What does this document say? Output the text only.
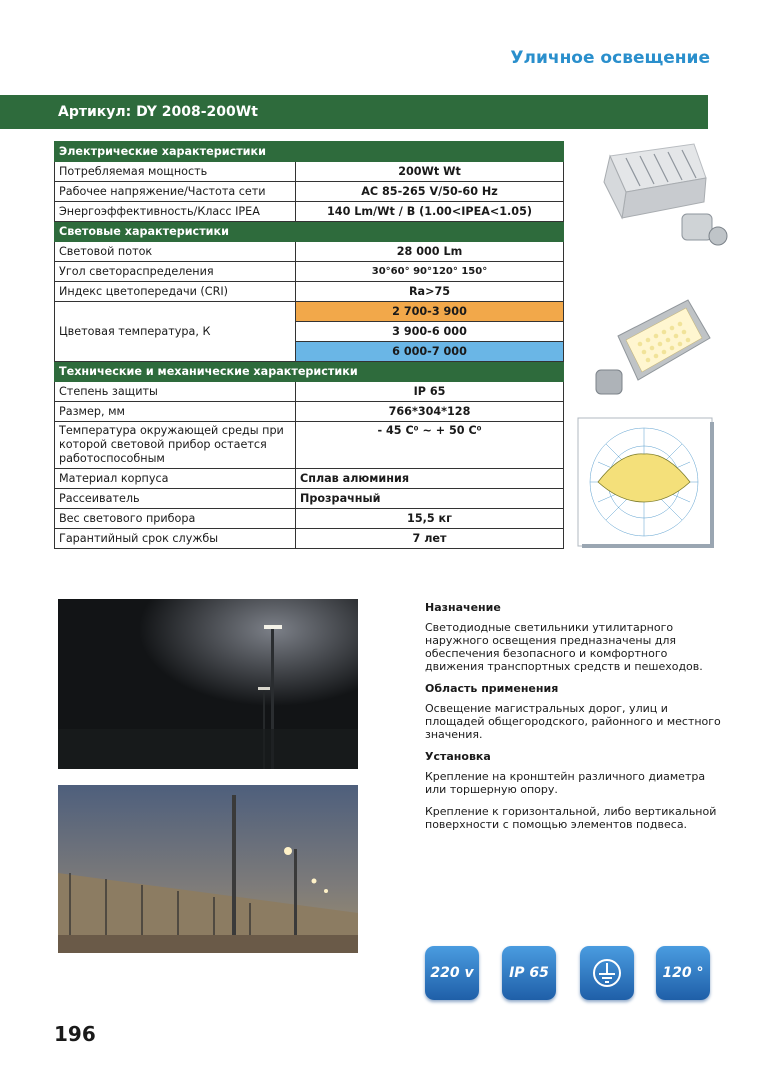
Уличное освещение
Артикул: DY 2008-200Wt
Электрические характеристики	
Потребляемая мощность	200Wt Wt
Рабочее напряжение/Частота сети	AC 85-265 V/50-60 Hz
Энергоэффективность/Класс IPEA	140 Lm/Wt / B (1.00<IPEA<1.05)
Световые характеристики	
Световой поток	28 000 Lm
Угол светораспределения	30°60° 90°120° 150°
Индекс цветопередачи (CRI)	Ra>75
Цветовая температура, К	2 700-3 900
	3 900-6 000
	6 000-7 000
Технические и механические характеристики	
Степень защиты	IP 65
Размер, мм	766*304*128
Температура окружающей среды при которой световой прибор остается работоспособным	- 45 C⁰ ~ + 50 C⁰
Материал корпуса	Сплав алюминия
Рассеиватель	Прозрачный
Вес светового прибора	15,5 кг
Гарантийный срок службы	7 лет
Назначение

Светодиодные светильники утилитарного наружного освещения предназначены для обеспечения безопасного и комфортного движения транспортных средств и пешеходов.

Область применения

Освещение магистральных дорог, улиц и площадей общегородского, районного и местного значения.

Установка

Крепление на кронштейн различного диаметра или торшерную опору.

Крепление к горизонтальной, либо вертикальной поверхности с помощью элементов подвеса.

220 v	IP 65	120 °
196
